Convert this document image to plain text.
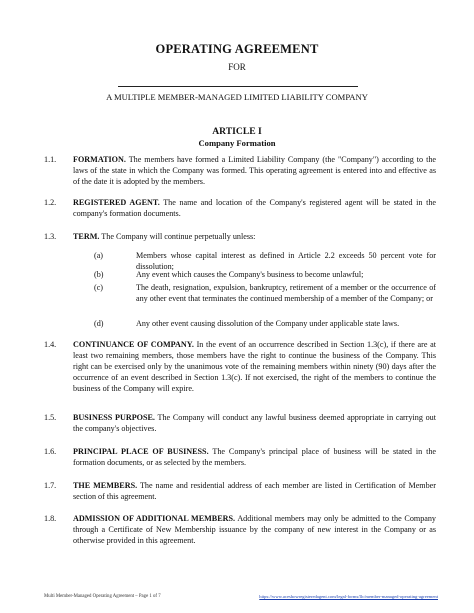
OPERATING AGREEMENT
FOR
A MULTIPLE MEMBER-MANAGED LIMITED LIABILITY COMPANY
ARTICLE I
Company Formation
1.1. FORMATION. The members have formed a Limited Liability Company (the "Company") according to the laws of the state in which the Company was formed. This operating agreement is entered into and effective as of the date it is adopted by the members.
1.2. REGISTERED AGENT. The name and location of the Company's registered agent will be stated in the company's formation documents.
1.3. TERM. The Company will continue perpetually unless:
(a)	Members whose capital interest as defined in Article 2.2 exceeds 50 percent vote for dissolution;
(b)	Any event which causes the Company's business to become unlawful;
(c)	The death, resignation, expulsion, bankruptcy, retirement of a member or the occurrence of any other event that terminates the continued membership of a member of the Company; or
(d)	Any other event causing dissolution of the Company under applicable state laws.
1.4. CONTINUANCE OF COMPANY. In the event of an occurrence described in Section 1.3(c), if there are at least two remaining members, those members have the right to continue the business of the Company. This right can be exercised only by the unanimous vote of the remaining members within ninety (90) days after the occurrence of an event described in Section 1.3(c). If not exercised, the right of the members to continue the business of the Company will expire.
1.5. BUSINESS PURPOSE. The Company will conduct any lawful business deemed appropriate in carrying out the company's objectives.
1.6. PRINCIPAL PLACE OF BUSINESS. The Company's principal place of business will be stated in the formation documents, or as selected by the members.
1.7. THE MEMBERS. The name and residential address of each member are listed in Certification of Member section of this agreement.
1.8. ADMISSION OF ADDITIONAL MEMBERS. Additional members may only be admitted to the Company through a Certificate of New Membership issuance by the company of new interest in the Company or as otherwise provided in this agreement.
Multi Member-Managed Operating Agreement – Page 1 of 7	https://www.aceshowregisteredagent.com/legal-forms/llc/member-managed-operating-agreement
